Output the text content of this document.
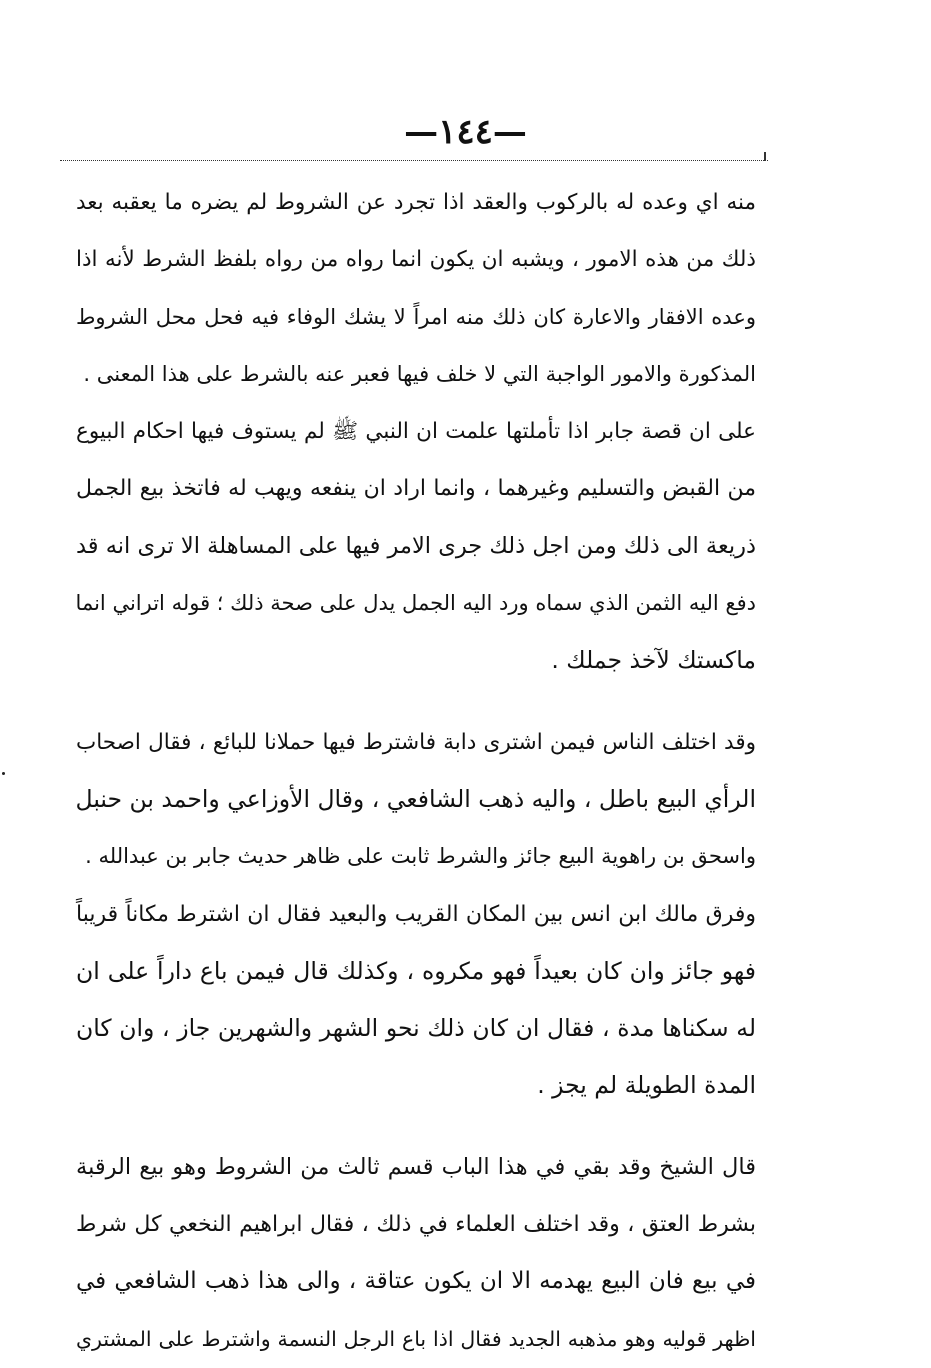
—١٤٤—

منه اي وعده له بالركوب والعقد اذا تجرد عن الشروط لم يضره ما يعقبه بعد
ذلك من هذه الامور ، ويشبه ان يكون انما رواه من رواه بلفظ الشرط لأنه اذا
وعده الافقار والاعارة كان ذلك منه امراً لا يشك الوفاء فيه فحل محل الشروط
المذكورة والامور الواجبة التي لا خلف فيها فعبر عنه بالشرط على هذا المعنى .

على ان قصة جابر اذا تأملتها علمت ان النبي ﷺ لم يستوف فيها احكام البيوع
من القبض والتسليم وغيرهما ، وانما اراد ان ينفعه ويهب له فاتخذ بيع الجمل
ذريعة الى ذلك ومن اجل ذلك جرى الامر فيها على المساهلة الا ترى انه قد
دفع اليه الثمن الذي سماه ورد اليه الجمل يدل على صحة ذلك ؛ قوله اتراني انما
ماكستك لآخذ جملك .

وقد اختلف الناس فيمن اشترى دابة فاشترط فيها حملانا للبائع ، فقال اصحاب
الرأي البيع باطل ، واليه ذهب الشافعي ، وقال الأوزاعي واحمد بن حنبل
واسحق بن راهوية البيع جائز والشرط ثابت على ظاهر حديث جابر بن عبدالله .

وفرق مالك ابن انس بين المكان القريب والبعيد فقال ان اشترط مكاناً قريباً
فهو جائز وان كان بعيداً فهو مكروه ، وكذلك قال فيمن باع داراً على ان
له سكناها مدة ، فقال ان كان ذلك نحو الشهر والشهرين جاز ، وان كان
المدة الطويلة لم يجز .

قال الشيخ وقد بقي في هذا الباب قسم ثالث من الشروط وهو بيع الرقبة
بشرط العتق ، وقد اختلف العلماء في ذلك ، فقال ابراهيم النخعي كل شرط
في بيع فان البيع يهدمه الا ان يكون عتاقة ، والى هذا ذهب الشافعي في
اظهر قوليه وهو مذهبه الجديد فقال اذا باع الرجل النسمة واشترط على المشتري
